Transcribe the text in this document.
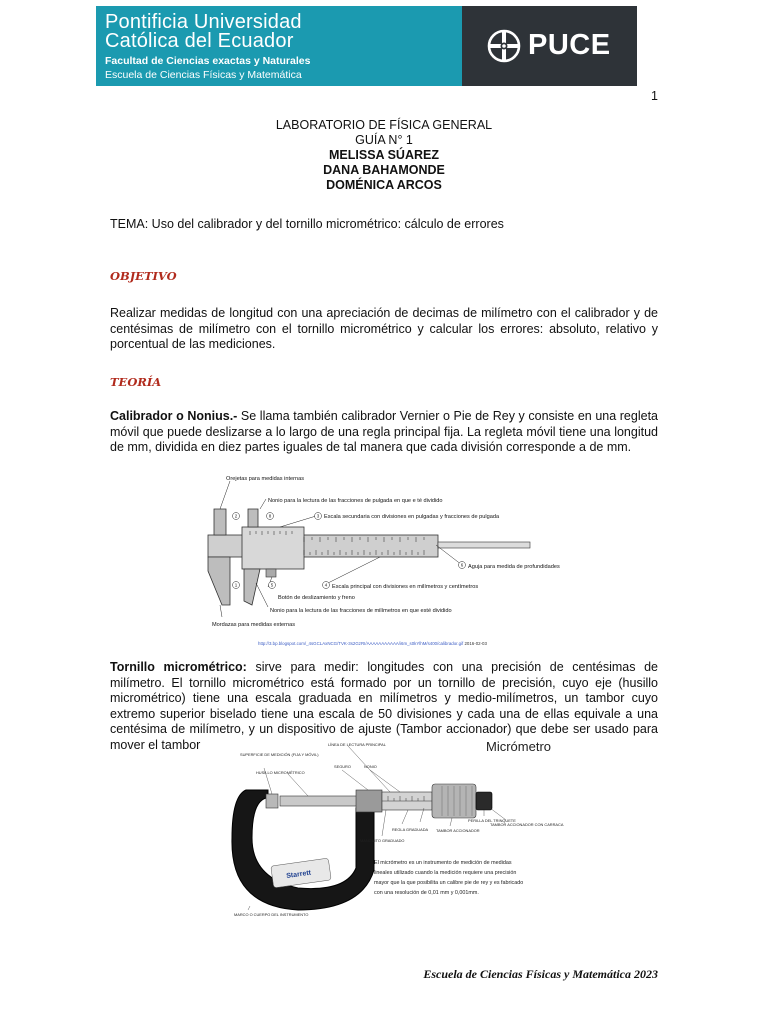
Pontificia Universidad
Católica del Ecuador
Facultad de Ciencias exactas y Naturales
Escuela de Ciencias Físicas y Matemática
PUCE
1
LABORATORIO DE FÍSICA GENERAL
GUÍA N° 1
MELISSA SÚAREZ
DANA BAHAMONDE
DOMÉNICA ARCOS
TEMA: Uso del calibrador y del tornillo micrométrico: cálculo de errores
OBJETIVO
Realizar medidas de longitud con una apreciación de decimas de milímetro con el calibrador y de centésimas de milímetro con el tornillo micrométrico y calcular los errores: absoluto, relativo y porcentual de las mediciones.
TEORÍA
Calibrador o Nonius.- Se llama también calibrador Vernier o Pie de Rey y consiste en una regleta móvil que puede deslizarse a lo largo de una regla principal fija. La regleta móvil tiene una longitud de mm, dividida en diez partes iguales de tal manera que cada división corresponde a de mm.
2	8	3
6
4
1	5
Orejetas para medidas internas
Nonio para la lectura de las fracciones de pulgada en que e té dividido
Escala secundaria con divisiones en pulgadas y fracciones de pulgada
Aguja para medida de profundidades
Escala principal con divisiones en milímetros y centímetros
Botón de deslizamiento y freno
Nonio para la lectura de las fracciones de milímetros en que esté dividido
Mordazas para medidas externas
http://3.bp.blogspot.com/_4sGCLAxNCG/TVK-3s2GzRI/AAAAAAAAAAA/i6m_s0kYlhM/s400/calibrador.gif 2016-02-03
Tornillo micrométrico: sirve para medir: longitudes con una precisión de centésimas de milímetro. El tornillo micrométrico está formado por un tornillo de precisión, cuyo eje (husillo micrométrico) tiene una escala graduada en milímetros y medio-milímetros, un tambor cuyo extremo superior biselado tiene una escala de 50 divisiones y cada una de ellas equivale a una centésima de milímetro, y un dispositivo de ajuste (Tambor accionador) que debe ser usado para mover el tambor	Micrómetro
Starrett
SUPERFICIE DE MEDICIÓN (FIJA Y MÓVIL)
HUSILLO MICROMÉTRICO
LÍNEA DE LECTURA PRINCIPAL
SEGURO	NONIO
PERILLA DEL TRINQUETE
TAMBOR ACCIONADOR CON CARRACA
REGLA GRADUADA TAMBOR ACCIONADOR
MANGUITO GRADUADO
MARCO O CUERPO DEL INSTRUMENTO
El micrómetro es un instrumento de medición de medidas
lineales utilizado cuando la medición requiere una precisión
mayor que la que posibilita un calibre pie de rey y es fabricado
con una resolución de 0,01 mm y 0,001mm.
Escuela de Ciencias Físicas y Matemática 2023
